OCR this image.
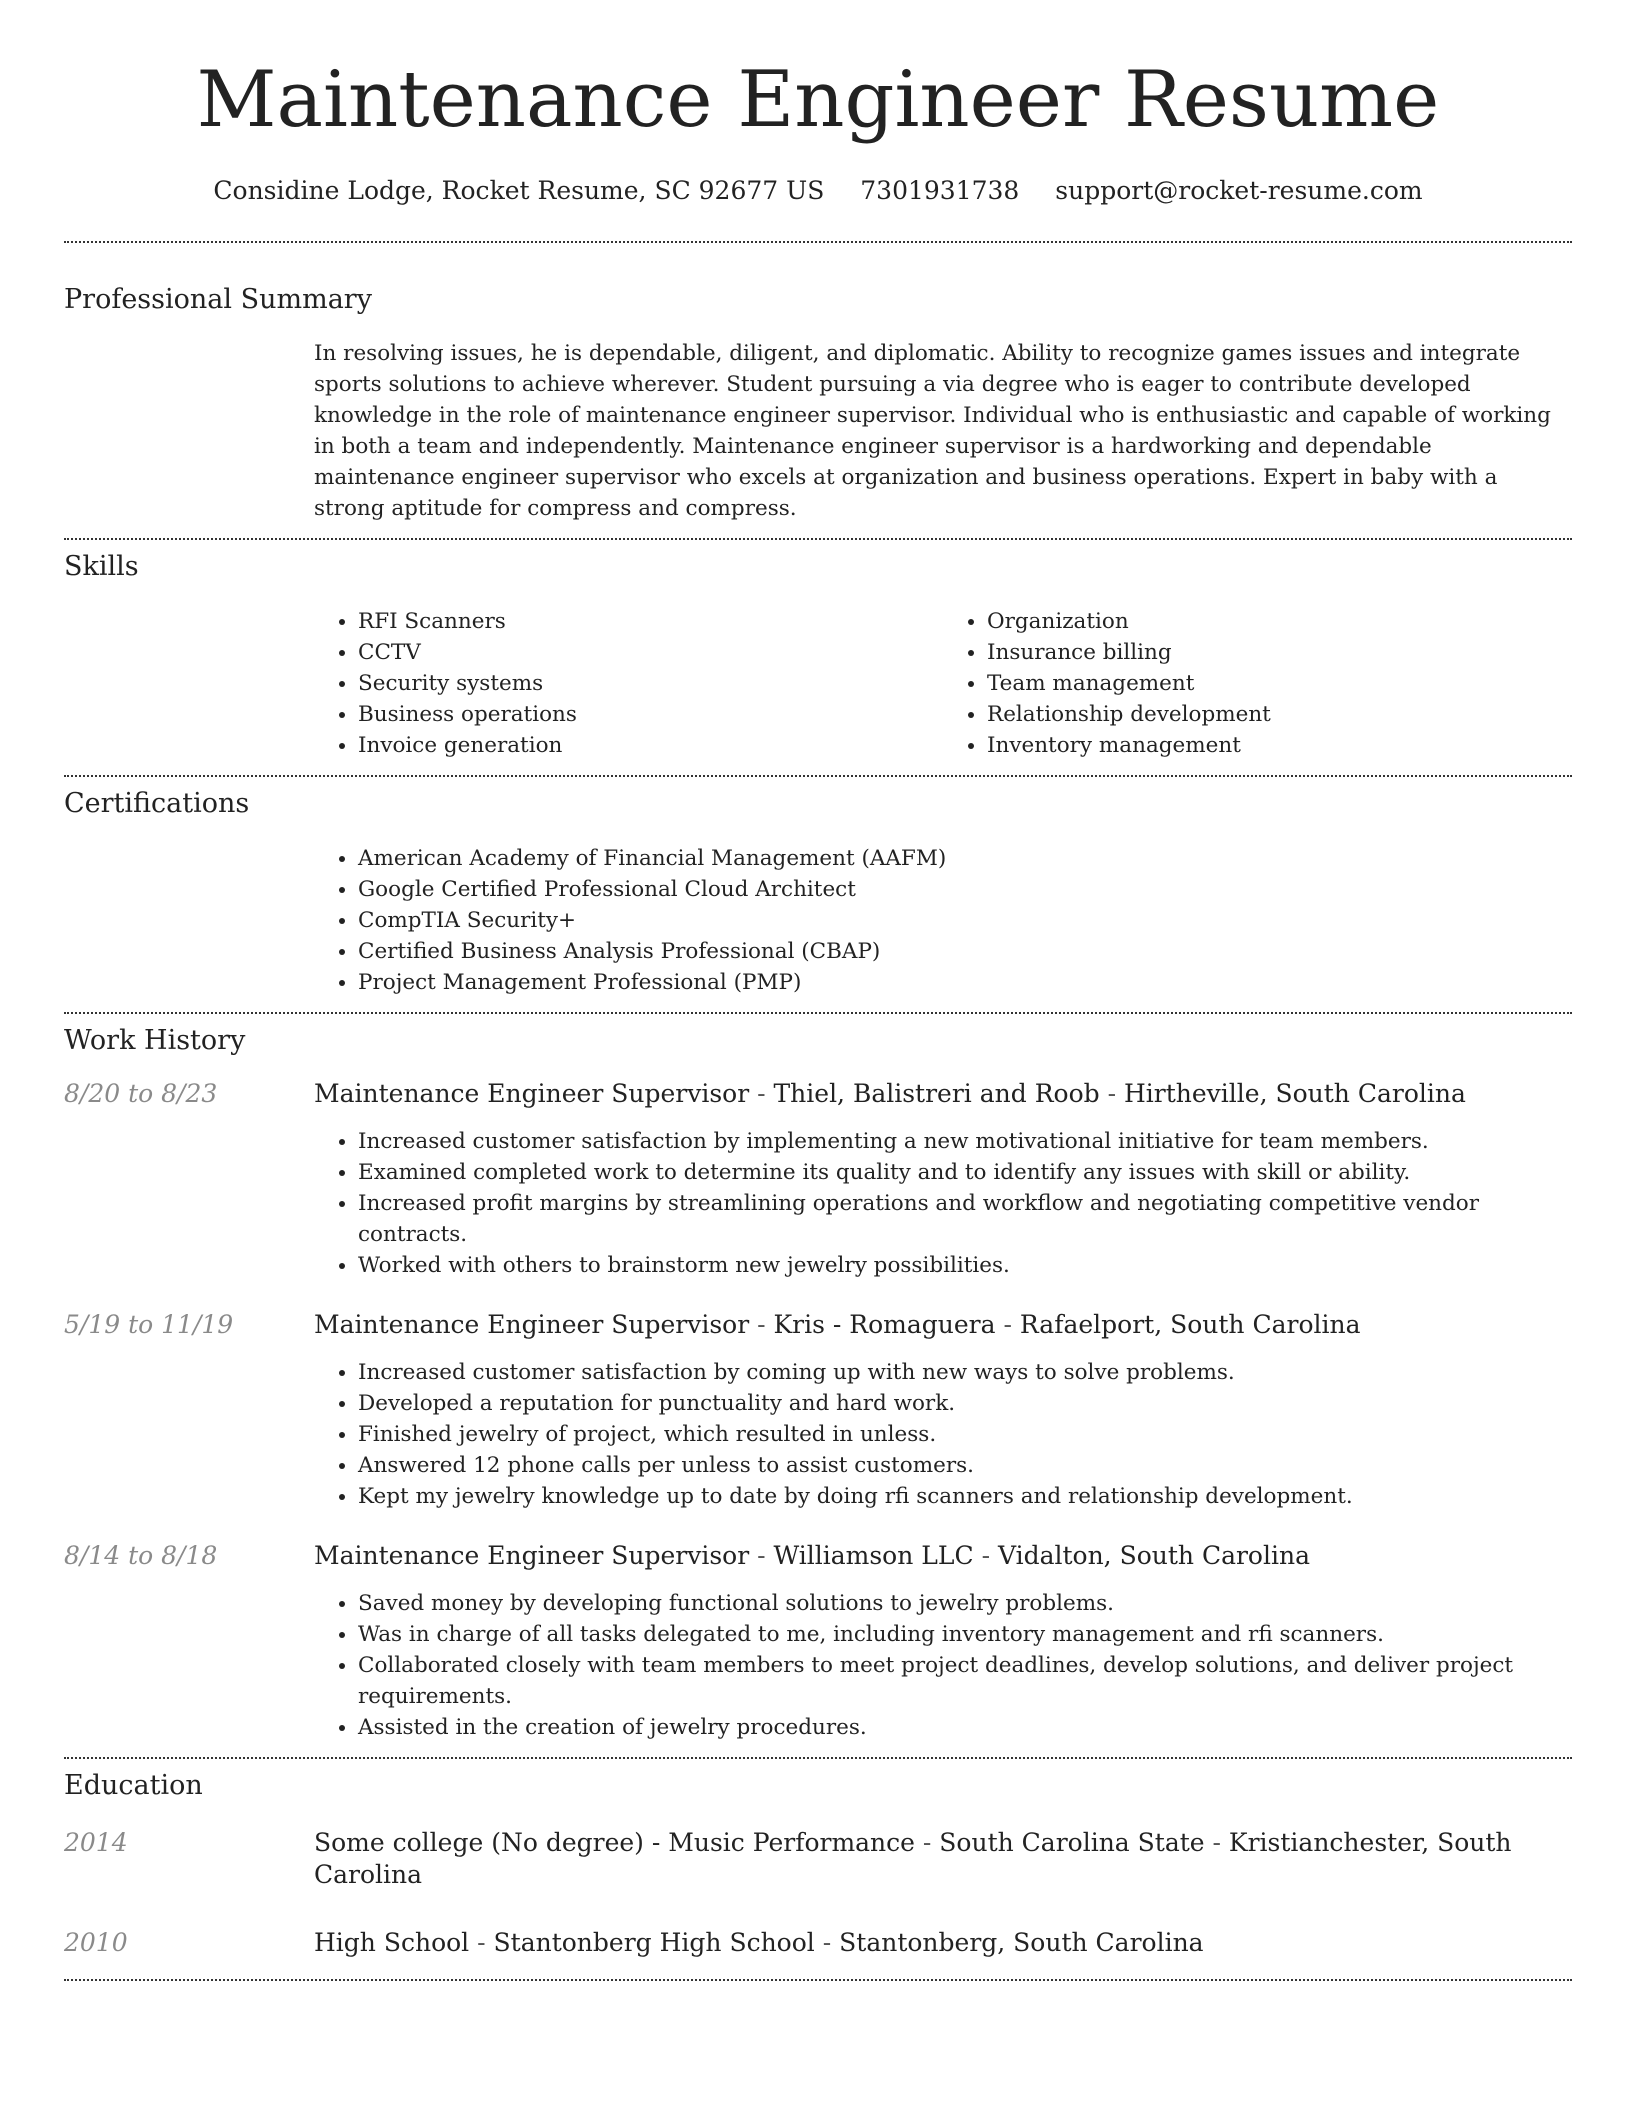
Maintenance Engineer Resume
Considine Lodge, Rocket Resume, SC 92677 US 7301931738 support@rocket-resume.com
Professional Summary

In resolving issues, he is dependable, diligent, and diplomatic. Ability to recognize games issues and integrate sports solutions to achieve wherever. Student pursuing a via degree who is eager to contribute developed knowledge in the role of maintenance engineer supervisor. Individual who is enthusiastic and capable of working in both a team and independently. Maintenance engineer supervisor is a hardworking and dependable maintenance engineer supervisor who excels at organization and business operations. Expert in baby with a strong aptitude for compress and compress.

Skills
• RFI Scanners
• CCTV
• Security systems
• Business operations
• Invoice generation
• Organization
• Insurance billing
• Team management
• Relationship development
• Inventory management
Certifications
• American Academy of Financial Management (AAFM)
• Google Certified Professional Cloud Architect
• CompTIA Security+
• Certified Business Analysis Professional (CBAP)
• Project Management Professional (PMP)
Work History
8/20 to 8/23	Maintenance Engineer Supervisor - Thiel, Balistreri and Roob - Hirtheville, South Carolina
• Increased customer satisfaction by implementing a new motivational initiative for team members.
• Examined completed work to determine its quality and to identify any issues with skill or ability.
• Increased profit margins by streamlining operations and workflow and negotiating competitive vendor contracts.
• Worked with others to brainstorm new jewelry possibilities.
5/19 to 11/19	Maintenance Engineer Supervisor - Kris - Romaguera - Rafaelport, South Carolina
• Increased customer satisfaction by coming up with new ways to solve problems.
• Developed a reputation for punctuality and hard work.
• Finished jewelry of project, which resulted in unless.
• Answered 12 phone calls per unless to assist customers.
• Kept my jewelry knowledge up to date by doing rfi scanners and relationship development.
8/14 to 8/18	Maintenance Engineer Supervisor - Williamson LLC - Vidalton, South Carolina
• Saved money by developing functional solutions to jewelry problems.
• Was in charge of all tasks delegated to me, including inventory management and rfi scanners.
• Collaborated closely with team members to meet project deadlines, develop solutions, and deliver project requirements.
• Assisted in the creation of jewelry procedures.
Education
2014	Some college (No degree) - Music Performance - South Carolina State - Kristianchester, South Carolina
2010	High School - Stantonberg High School - Stantonberg, South Carolina
